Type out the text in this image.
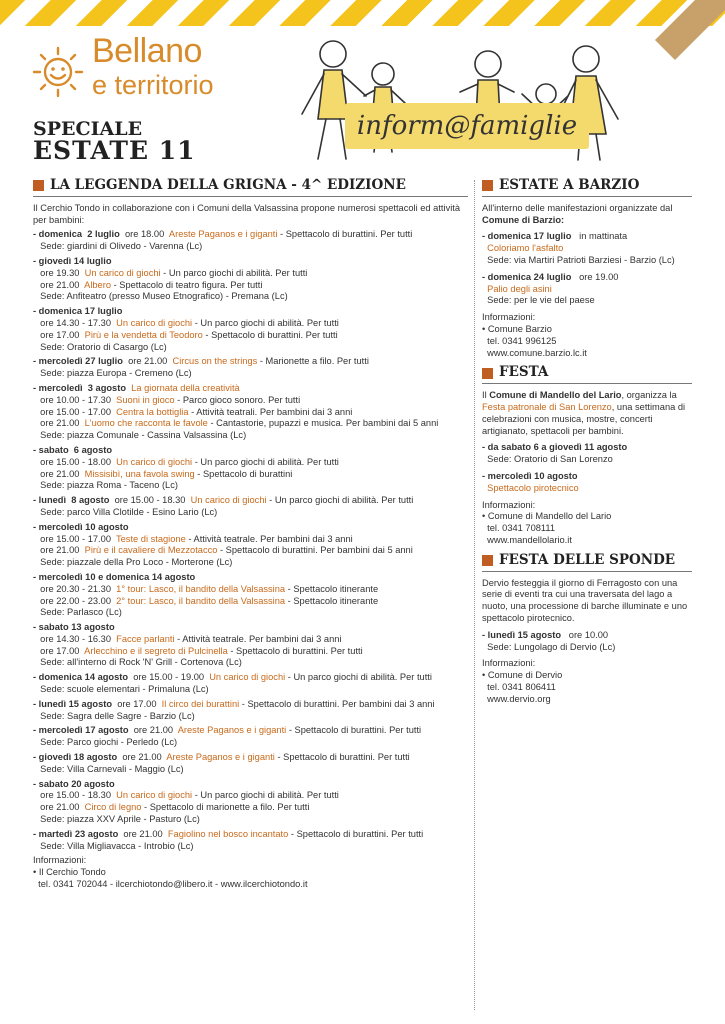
Bellano
e territorio
SPECIALE
ESTATE 11
inform@famiglie
LA LEGGENDA DELLA GRIGNA - 4^ EDIZIONE

Il Cerchio Tondo in collaborazione con i Comuni della Valsassina propone numerosi spettacoli ed attività per bambini:

- domenica  2 luglio  ore 18.00  Areste Paganos e i giganti - Spettacolo di burattini. Per tutti
Sede: giardini di Olivedo - Varenna (Lc)
- giovedì 14 luglio
ore 19.30  Un carico di giochi - Un parco giochi di abilità. Per tutti
ore 21.00  Albero - Spettacolo di teatro figura. Per tutti
Sede: Anfiteatro (presso Museo Etnografico) - Premana (Lc)
- domenica 17 luglio
ore 14.30 - 17.30  Un carico di giochi - Un parco giochi di abilità. Per tutti
ore 17.00  Pirù e la vendetta di Teodoro - Spettacolo di burattini. Per tutti
Sede: Oratorio di Casargo (Lc)
- mercoledì 27 luglio  ore 21.00  Circus on the strings - Marionette a filo. Per tutti
Sede: piazza Europa - Cremeno (Lc)
- mercoledì  3 agosto La giornata della creatività
ore 10.00 - 17.30  Suoni in gioco - Parco gioco sonoro. Per tutti
ore 15.00 - 17.00  Centra la bottiglia - Attività teatrali. Per bambini dai 3 anni
ore 21.00  L'uomo che racconta le favole - Cantastorie, pupazzi e musica. Per bambini dai 5 anni
Sede: piazza Comunale - Cassina Valsassina (Lc)
- sabato  6 agosto
ore 15.00 - 18.00  Un carico di giochi - Un parco giochi di abilità. Per tutti
ore 21.00  Missisibì, una favola swing - Spettacolo di burattini
Sede: piazza Roma - Taceno (Lc)
- lunedì  8 agosto  ore 15.00 - 18.30  Un carico di giochi - Un parco giochi di abilità. Per tutti
Sede: parco Villa Clotilde - Esino Lario (Lc)
- mercoledì 10 agosto
ore 15.00 - 17.00  Teste di stagione - Attività teatrale. Per bambini dai 3 anni
ore 21.00  Pirù e il cavaliere di Mezzotacco - Spettacolo di burattini. Per bambini dai 5 anni
Sede: piazzale della Pro Loco - Morterone (Lc)
- mercoledì 10 e domenica 14 agosto
ore 20.30 - 21.30  1° tour: Lasco, il bandito della Valsassina - Spettacolo itinerante
ore 22.00 - 23.00  2° tour: Lasco, il bandito della Valsassina - Spettacolo itinerante
Sede: Parlasco (Lc)
- sabato 13 agosto
ore 14.30 - 16.30  Facce parlanti - Attività teatrale. Per bambini dai 3 anni
ore 17.00  Arlecchino e il segreto di Pulcinella - Spettacolo di burattini. Per tutti
Sede: all'interno di Rock 'N' Grill - Cortenova (Lc)
- domenica 14 agosto  ore 15.00 - 19.00  Un carico di giochi - Un parco giochi di abilità. Per tutti
Sede: scuole elementari - Primaluna (Lc)
- lunedì 15 agosto  ore 17.00  Il circo dei burattini - Spettacolo di burattini. Per bambini dai 3 anni
Sede: Sagra delle Sagre - Barzio (Lc)
- mercoledì 17 agosto  ore 21.00  Areste Paganos e i giganti - Spettacolo di burattini. Per tutti
Sede: Parco giochi - Perledo (Lc)
- giovedì 18 agosto  ore 21.00  Areste Paganos e i giganti - Spettacolo di burattini. Per tutti
Sede: Villa Carnevali - Maggio (Lc)
- sabato 20 agosto
ore 15.00 - 18.30  Un carico di giochi - Un parco giochi di abilità. Per tutti
ore 21.00  Circo di legno - Spettacolo di marionette a filo. Per tutti
Sede: piazza XXV Aprile - Pasturo (Lc)
- martedì 23 agosto  ore 21.00  Fagiolino nel bosco incantato - Spettacolo di burattini. Per tutti
Sede: Villa Migliavacca - Introbio (Lc)
Informazioni:
• Il Cerchio Tondo
tel. 0341 702044 - ilcerchiotondo@libero.it - www.ilcerchiotondo.it
ESTATE A BARZIO
All'interno delle manifestazioni organizzate dal Comune di Barzio:
- domenica 17 luglio   in mattinata
Coloriamo l'asfalto
Sede: via Martiri Patrioti Barziesi - Barzio (Lc)
- domenica 24 luglio   ore 19.00
Palio degli asini
Sede: per le vie del paese
Informazioni:
• Comune Barzio
tel. 0341 996125
www.comune.barzio.lc.it
FESTA
Il Comune di Mandello del Lario, organizza la Festa patronale di San Lorenzo, una settimana di celebrazioni con musica, mostre, concerti artigianato, spettacoli per bambini.
- da sabato 6 a giovedì 11 agosto
Sede: Oratorio di San Lorenzo
- mercoledì 10 agosto
Spettacolo pirotecnico
Informazioni:
• Comune di Mandello del Lario
tel. 0341 708111
www.mandellolario.it
FESTA DELLE SPONDE
Dervio festeggia il giorno di Ferragosto con una serie di eventi tra cui una traversata del lago a nuoto, una processione di barche illuminate e uno spettacolo pirotecnico.
- lunedì 15 agosto   ore 10.00
Sede: Lungolago di Dervio (Lc)
Informazioni:
• Comune di Dervio
tel. 0341 806411
www.dervio.org
